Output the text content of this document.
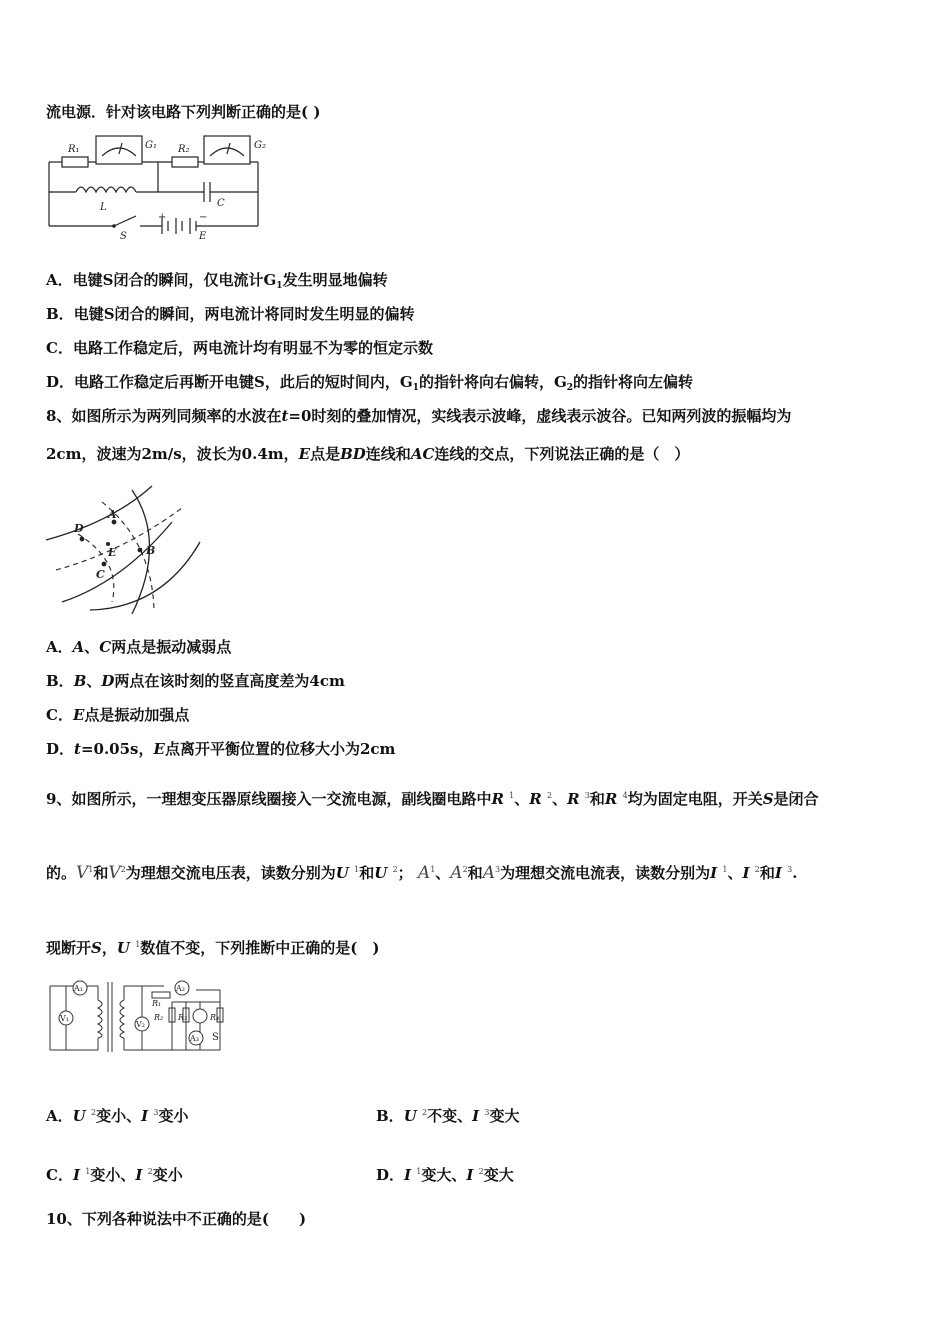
流电源．针对该电路下列判断正确的是( )
R₁	G₁ R₂	G₂
L	C
S	E
+	−
A．电键S闭合的瞬间，仅电流计$G_1$发生明显地偏转
B．电键S闭合的瞬间，两电流计将同时发生明显的偏转
C．电路工作稳定后，两电流计均有明显不为零的恒定示数
D．电路工作稳定后再断开电键S，此后的短时间内，$G_1$的指针将向右偏转，$G_2$的指针将向左偏转
8、如图所示为两列同频率的水波在t=0时刻的叠加情况，实线表示波峰，虚线表示波谷。已知两列波的振幅均为
2cm，波速为2m/s，波长为0.4m，E点是BD连线和AC连线的交点，下列说法正确的是（　）
D
A
B
C
E
A．A、C两点是振动减弱点
B．B、D两点在该时刻的竖直高度差为4cm
C．E点是振动加强点
D．t=0.05s，E点离开平衡位置的位移大小为2cm
9、如图所示，一理想变压器原线圈接入一交流电源，副线圈电路中R $^1$、R $^2$、R $^3$和R $^4$均为固定电阻，开关S是闭合
的。$V^1$和$V^2$为理想交流电压表，读数分别为U $^1$和U $^2$； $A^1$、$A^2$和$A^3$为理想交流电流表，读数分别为I $^1$、I $^2$和I $^3$.
现断开S，U $^1$数值不变，下列推断中正确的是(　)
A₁
V₁
V₂
A₂
A₃
R₁
R₂ R₃	R₄
S
A．U $^2$变小、I $^3$变小	B．U $^2$不变、I $^3$变大
C．I $^1$变小、I $^2$变小	D．I $^1$变大、I $^2$变大
10、下列各种说法中不正确的是(　　)
